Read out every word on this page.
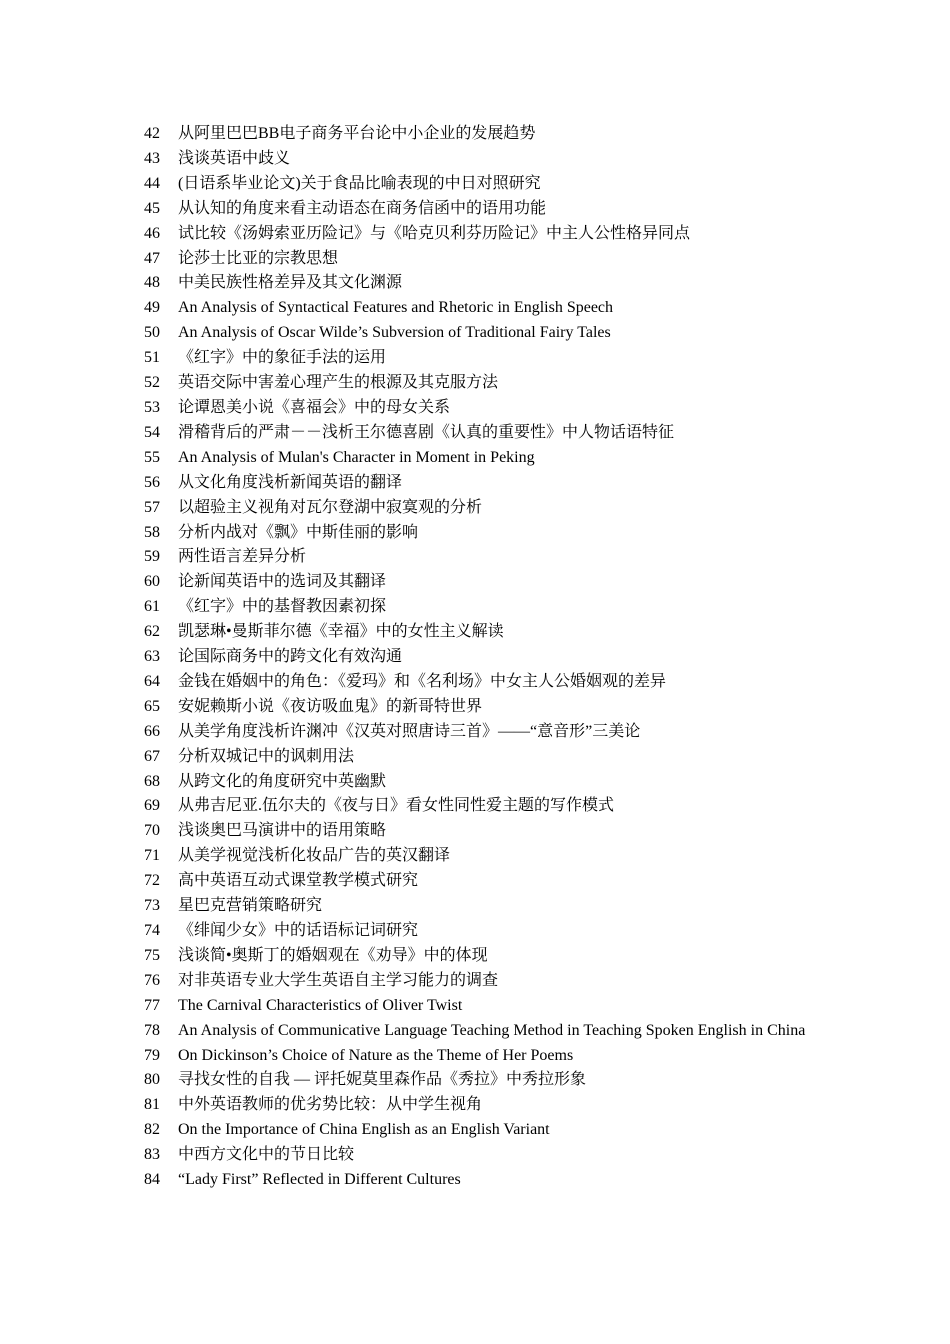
42 从阿里巴巴BB电子商务平台论中小企业的发展趋势
43 浅谈英语中歧义
44 (日语系毕业论文)关于食品比喻表现的中日对照研究
45 从认知的角度来看主动语态在商务信函中的语用功能
46 试比较《汤姆索亚历险记》与《哈克贝利芬历险记》中主人公性格异同点
47 论莎士比亚的宗教思想
48 中美民族性格差异及其文化渊源
49 An Analysis of Syntactical Features and Rhetoric in English Speech
50 An Analysis of Oscar Wilde’s Subversion of Traditional Fairy Tales
51 《红字》中的象征手法的运用
52 英语交际中害羞心理产生的根源及其克服方法
53 论谭恩美小说《喜福会》中的母女关系
54 滑稽背后的严肃－－浅析王尔德喜剧《认真的重要性》中人物话语特征
55 An Analysis of Mulan's Character in Moment in Peking
56 从文化角度浅析新闻英语的翻译
57 以超验主义视角对瓦尔登湖中寂寞观的分析
58 分析内战对《飘》中斯佳丽的影响
59 两性语言差异分析
60 论新闻英语中的选词及其翻译
61 《红字》中的基督教因素初探
62 凯瑟琳•曼斯菲尔德《幸福》中的女性主义解读
63 论国际商务中的跨文化有效沟通
64 金钱在婚姻中的角色：《爱玛》和《名利场》中女主人公婚姻观的差异
65 安妮赖斯小说《夜访吸血鬼》的新哥特世界
66 从美学角度浅析许渊冲《汉英对照唐诗三首》——“意音形”三美论
67 分析双城记中的讽刺用法
68 从跨文化的角度研究中英幽默
69 从弗吉尼亚.伍尔夫的《夜与日》看女性同性爱主题的写作模式
70 浅谈奥巴马演讲中的语用策略
71 从美学视觉浅析化妆品广告的英汉翻译
72 高中英语互动式课堂教学模式研究
73 星巴克营销策略研究
74 《绯闻少女》中的话语标记词研究
75 浅谈简•奥斯丁的婚姻观在《劝导》中的体现
76 对非英语专业大学生英语自主学习能力的调查
77 The Carnival Characteristics of Oliver Twist
78 An Analysis of Communicative Language Teaching Method in Teaching Spoken English in China
79 On Dickinson’s Choice of Nature as the Theme of Her Poems
80 寻找女性的自我 — 评托妮莫里森作品《秀拉》中秀拉形象
81 中外英语教师的优劣势比较：从中学生视角
82 On the Importance of China English as an English Variant
83 中西方文化中的节日比较
84 “Lady First” Reflected in Different Cultures
